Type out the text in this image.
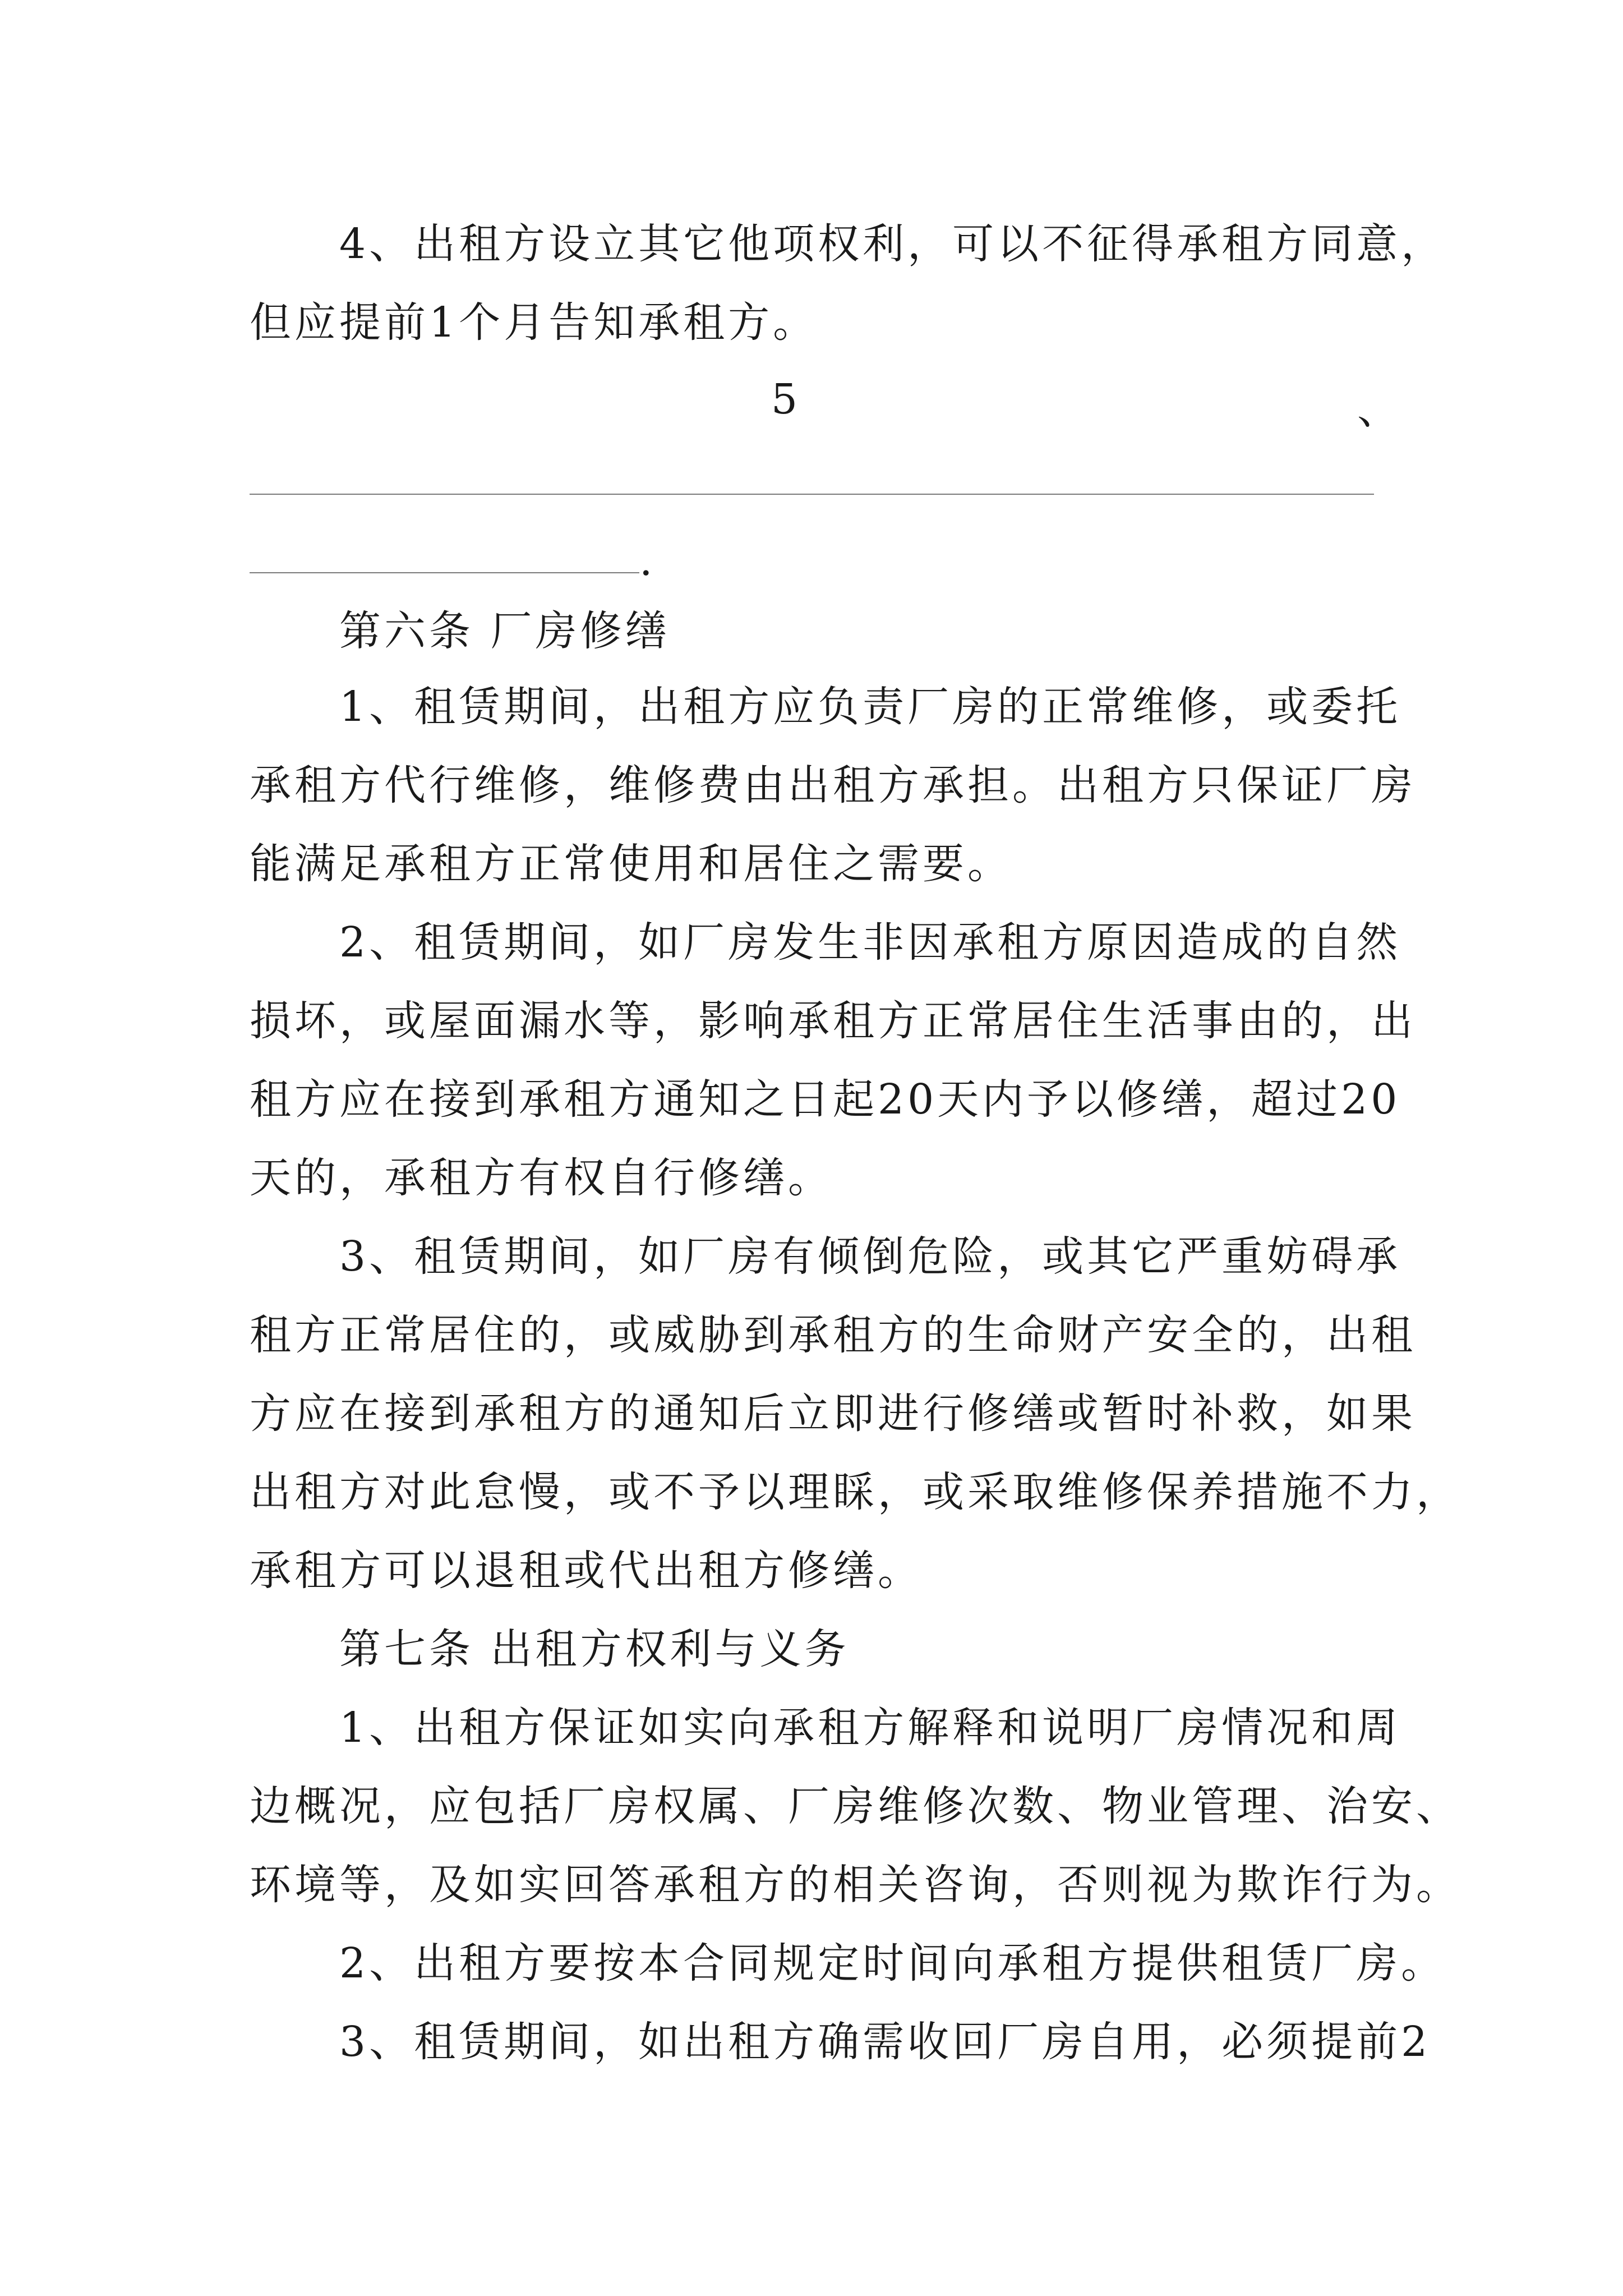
4、出租方设立其它他项权利，可以不征得承租方同意，
但应提前1个月告知承租方。
5	、
.
第六条 厂房修缮
1、租赁期间，出租方应负责厂房的正常维修，或委托
承租方代行维修，维修费由出租方承担。出租方只保证厂房
能满足承租方正常使用和居住之需要。
2、租赁期间，如厂房发生非因承租方原因造成的自然
损坏，或屋面漏水等，影响承租方正常居住生活事由的，出
租方应在接到承租方通知之日起20天内予以修缮，超过20
天的，承租方有权自行修缮。
3、租赁期间，如厂房有倾倒危险，或其它严重妨碍承
租方正常居住的，或威胁到承租方的生命财产安全的，出租
方应在接到承租方的通知后立即进行修缮或暂时补救，如果
出租方对此怠慢，或不予以理睬，或采取维修保养措施不力，
承租方可以退租或代出租方修缮。
第七条 出租方权利与义务
1、出租方保证如实向承租方解释和说明厂房情况和周
边概况，应包括厂房权属、厂房维修次数、物业管理、治安、
环境等，及如实回答承租方的相关咨询，否则视为欺诈行为。
2、出租方要按本合同规定时间向承租方提供租赁厂房。
3、租赁期间，如出租方确需收回厂房自用，必须提前2
